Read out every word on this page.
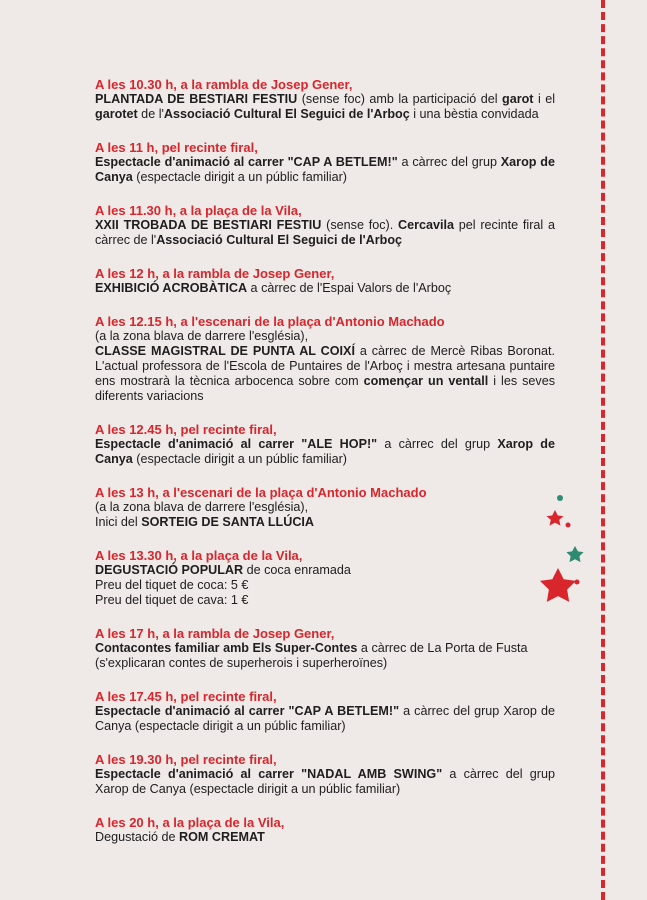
A les 10.30 h, a la rambla de Josep Gener,
PLANTADA DE BESTIARI FESTIU (sense foc) amb la participació del garot i el garotet de l'Associació Cultural El Seguici de l'Arboç i una bèstia convidada
A les 11 h, pel recinte firal,
Espectacle d'animació al carrer "CAP A BETLEM!" a càrrec del grup Xarop de Canya (espectacle dirigit a un públic familiar)
A les 11.30 h, a la plaça de la Vila,
XXII TROBADA DE BESTIARI FESTIU (sense foc). Cercavila pel recinte firal a càrrec de l'Associació Cultural El Seguici de l'Arboç
A les 12 h, a la rambla de Josep Gener,
EXHIBICIÓ ACROBÀTICA a càrrec de l'Espai Valors de l'Arboç
A les 12.15 h, a l'escenari de la plaça d'Antonio Machado
(a la zona blava de darrere l'església),
CLASSE MAGISTRAL DE PUNTA AL COIXÍ a càrrec de Mercè Ribas Boronat. L'actual professora de l'Escola de Puntaires de l'Arboç i mestra artesana puntaire ens mostrarà la tècnica arbocenca sobre com començar un ventall i les seves diferents variacions
A les 12.45 h, pel recinte firal,
Espectacle d'animació al carrer "ALE HOP!" a càrrec del grup Xarop de Canya (espectacle dirigit a un públic familiar)
A les 13 h, a l'escenari de la plaça d'Antonio Machado
(a la zona blava de darrere l'església),
Inici del SORTEIG DE SANTA LLÚCIA
A les 13.30 h, a la plaça de la Vila,
DEGUSTACIÓ POPULAR de coca enramada
Preu del tiquet de coca: 5 €
Preu del tiquet de cava: 1 €
A les 17 h, a la rambla de Josep Gener,
Contacontes familiar amb Els Super-Contes a càrrec de La Porta de Fusta
(s'explicaran contes de superherois i superheroïnes)
A les 17.45 h, pel recinte firal,
Espectacle d'animació al carrer "CAP A BETLEM!" a càrrec del grup Xarop de Canya (espectacle dirigit a un públic familiar)
A les 19.30 h, pel recinte firal,
Espectacle d'animació al carrer "NADAL AMB SWING" a càrrec del grup Xarop de Canya (espectacle dirigit a un públic familiar)
A les 20 h, a la plaça de la Vila,
Degustació de ROM CREMAT
